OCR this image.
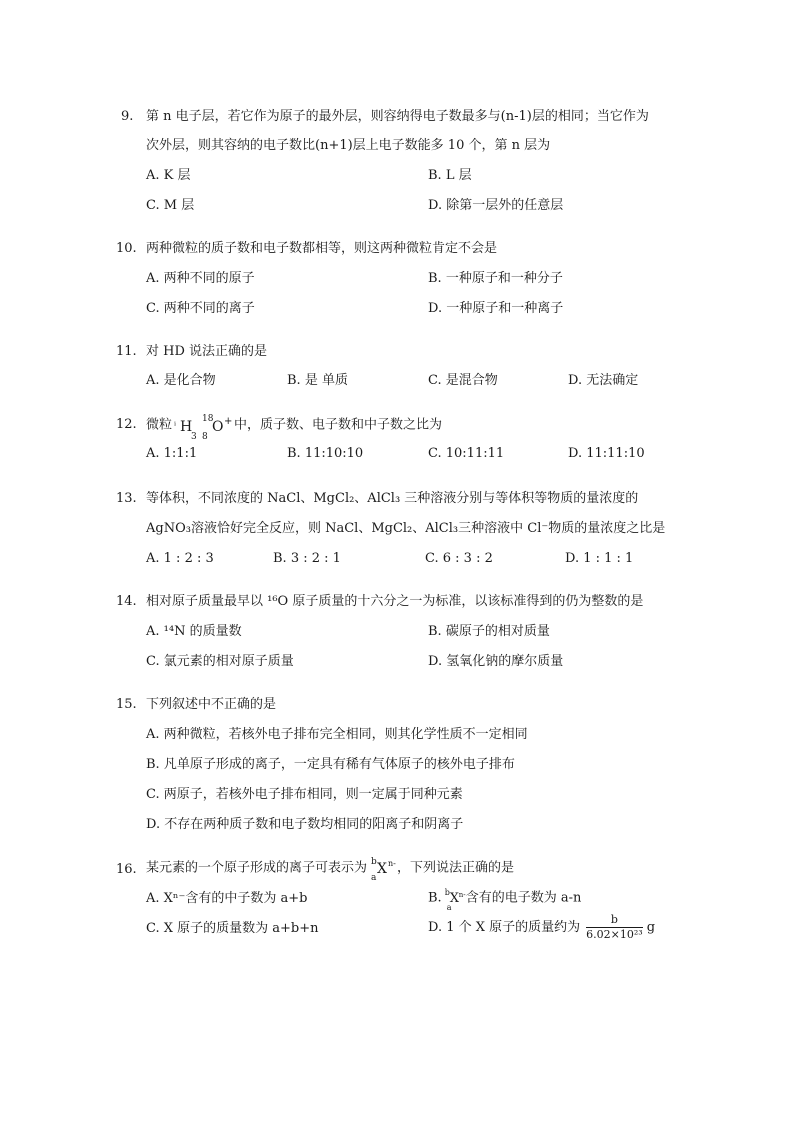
9. 第 n 电子层，若它作为原子的最外层，则容纳得电子数最多与(n-1)层的相同；当它作为
次外层，则其容纳的电子数比(n+1)层上电子数能多 10 个，第 n 层为
A. K 层	B. L 层
C. M 层	D. 除第一层外的任意层
10. 两种微粒的质子数和电子数都相等，则这两种微粒肯定不会是
A. 两种不同的原子	B. 一种原子和一种分子
C. 两种不同的离子	D. 一种原子和一种离子
11. 对 HD 说法正确的是
A. 是化合物	B. 是 单质	C. 是混合物	D. 无法确定
12. 微粒 ⁱ H
3
18
8
O + 中，质子数、电子数和中子数之比为
A. 1:1:1	B. 11:10:10	C. 10:11:11	D. 11:11:10
13. 等体积，不同浓度的 NaCl、MgCl₂、AlCl₃ 三种溶液分别与等体积等物质的量浓度的
AgNO₃溶液恰好完全反应，则 NaCl、MgCl₂、AlCl₃三种溶液中 Cl⁻物质的量浓度之比是
A. 1 : 2 : 3	B. 3 : 2 : 1	C. 6 : 3 : 2	D. 1 : 1 : 1
14. 相对原子质量最早以 ¹⁶O 原子质量的十六分之一为标准，以该标准得到的仍为整数的是
A. ¹⁴N 的质量数	B. 碳原子的相对质量
C. 氯元素的相对原子质量	D. 氢氧化钠的摩尔质量
15. 下列叙述中不正确的是
A. 两种微粒，若核外电子排布完全相同，则其化学性质不一定相同
B. 凡单原子形成的离子，一定具有稀有气体原子的核外电子排布
C. 两原子，若核外电子排布相同，则一定属于同种元素
D. 不存在两种质子数和电子数均相同的阳离子和阴离子
16. 某元素的一个原子形成的离子可表示为 b
a
X n- ，下列说法正确的是
A. Xⁿ⁻含有的中子数为 a+b	B. b
a
X n- 含有的电子数为 a-n
C. X 原子的质量数为 a+b+n	D. 1 个 X 原子的质量约为 $\frac{b}{\text{6.02×10²³}}$ g
